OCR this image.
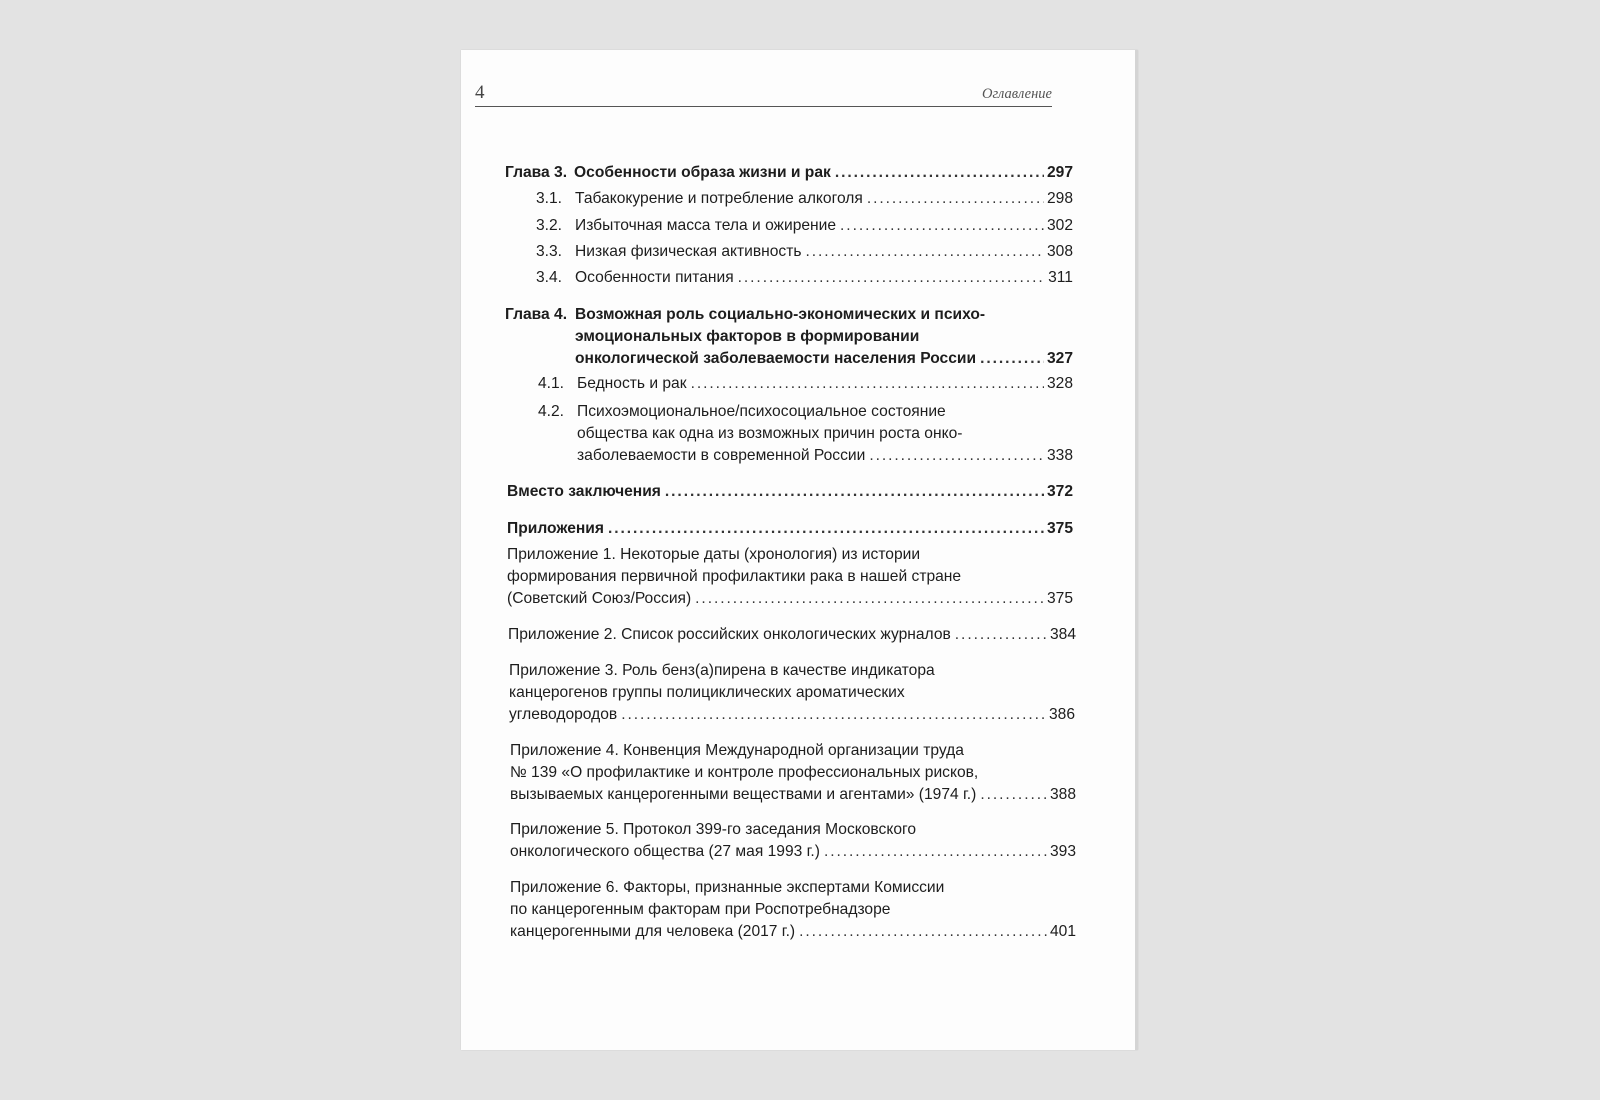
4	Оглавление
Глава 3. Особенности образа жизни и рак . . .	297
3.1. Табакокурение и потребление алкоголя . . .	298
3.2. Избыточная масса тела и ожирение . . .	302
3.3. Низкая физическая активность . . .	308
3.4. Особенности питания . . .	311
Глава 4. Возможная роль социально-экономических и психо-
эмоциональных факторов в формировании
онкологической заболеваемости населения России . . .	327
4.1. Бедность и рак . . .	328
4.2. Психоэмоциональное/психосоциальное состояние
общества как одна из возможных причин роста онко-
заболеваемости в современной России . . .	338
Вместо заключения . . .	372
Приложения . . .	375
Приложение 1. Некоторые даты (хронология) из истории
формирования первичной профилактики рака в нашей стране
(Советский Союз/Россия) . . .	375
Приложение 2. Список российских онкологических журналов . . .	384
Приложение 3. Роль бенз(а)пирена в качестве индикатора
канцерогенов группы полициклических ароматических
углеводородов . . .	386
Приложение 4. Конвенция Международной организации труда
№ 139 «О профилактике и контроле профессиональных рисков,
вызываемых канцерогенными веществами и агентами» (1974 г.) . . .	388
Приложение 5. Протокол 399-го заседания Московского
онкологического общества (27 мая 1993 г.) . . .	393
Приложение 6. Факторы, признанные экспертами Комиссии
по канцерогенным факторам при Роспотребнадзоре
канцерогенными для человека (2017 г.) . . .	401
